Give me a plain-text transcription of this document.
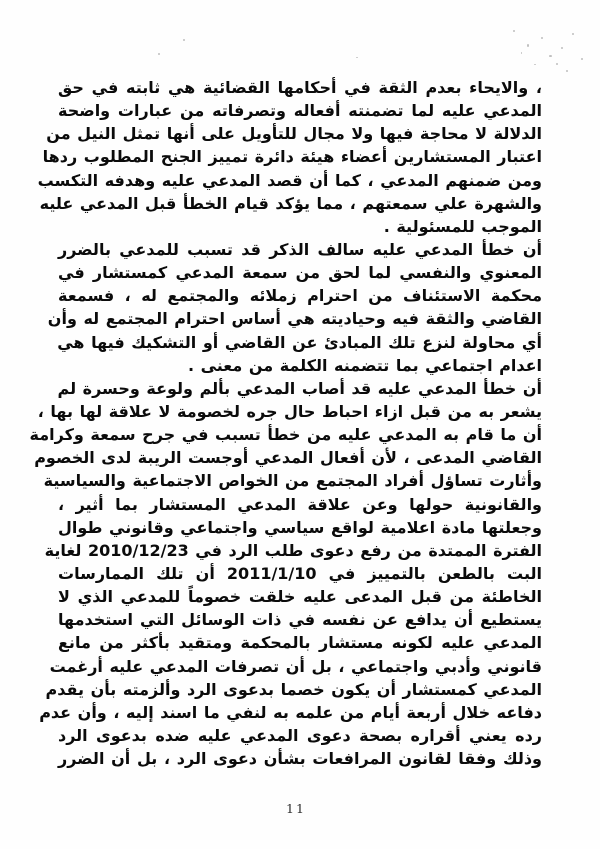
، والايحاء بعدم الثقة في أحكامها القضائية هي ثابته في حق
المدعي عليه لما تضمنته أفعاله وتصرفاته من عبارات واضحة
الدلالة لا محاجة فيها ولا مجال للتأويل على أنها تمثل النيل من
اعتبار المستشارين أعضاء هيئة دائرة تمييز الجنح المطلوب ردها
ومن ضمنهم المدعي ، كما أن قصد المدعي عليه وهدفه التكسب
والشهرة علي سمعتهم ، مما يؤكد قيام الخطأ قبل المدعي عليه
الموجب للمسئولية .
أن خطأ المدعي عليه سالف الذكر قد تسبب للمدعي بالضرر
المعنوي والنفسي لما لحق من سمعة المدعي كمستشار في
محكمة الاستئناف من احترام زملائه والمجتمع له ، فسمعة
القاضي والثقة فيه وحياديته هي أساس احترام المجتمع له وأن
أي محاولة لنزع تلك المبادئ عن القاضي أو التشكيك فيها هي
اعدام اجتماعي بما تتضمنه الكلمة من معنى .
أن خطأ المدعي عليه قد أصاب المدعي بألم ولوعة وحسرة لم
يشعر به من قبل ازاء احباط حال جره لخصومة لا علاقة لها بها ،
أن ما قام به المدعي عليه من خطأ تسبب في جرح سمعة وكرامة
القاضي المدعى ، لأن أفعال المدعي أوجست الريبة لدى الخصوم
وأثارت تساؤل أفراد المجتمع من الخواص الاجتماعية والسياسية
والقانونية حولها وعن علاقة المدعي المستشار بما أثير ،
وجعلتها مادة اعلامية لواقع سياسي واجتماعي وقانوني طوال
الفترة الممتدة من رفع دعوى طلب الرد في 2010/12/23 لغاية
البت بالطعن بالتمييز في 2011/1/10 أن تلك الممارسات
الخاطئة من قبل المدعى عليه خلقت خصوماً للمدعي الذي لا
يستطيع أن يدافع عن نفسه في ذات الوسائل التي استخدمها
المدعي عليه لكونه مستشار بالمحكمة ومتقيد بأكثر من مانع
قانوني وأدبي واجتماعي ، بل أن تصرفات المدعي عليه أرغمت
المدعي كمستشار أن يكون خصما بدعوى الرد وألزمته بأن يقدم
دفاعه خلال أربعة أيام من علمه به لنفي ما اسند إليه ، وأن عدم
رده يعني أقراره بصحة دعوى المدعي عليه ضده بدعوى الرد
وذلك وفقا لقانون المرافعات بشأن دعوى الرد ، بل أن الضرر
11
